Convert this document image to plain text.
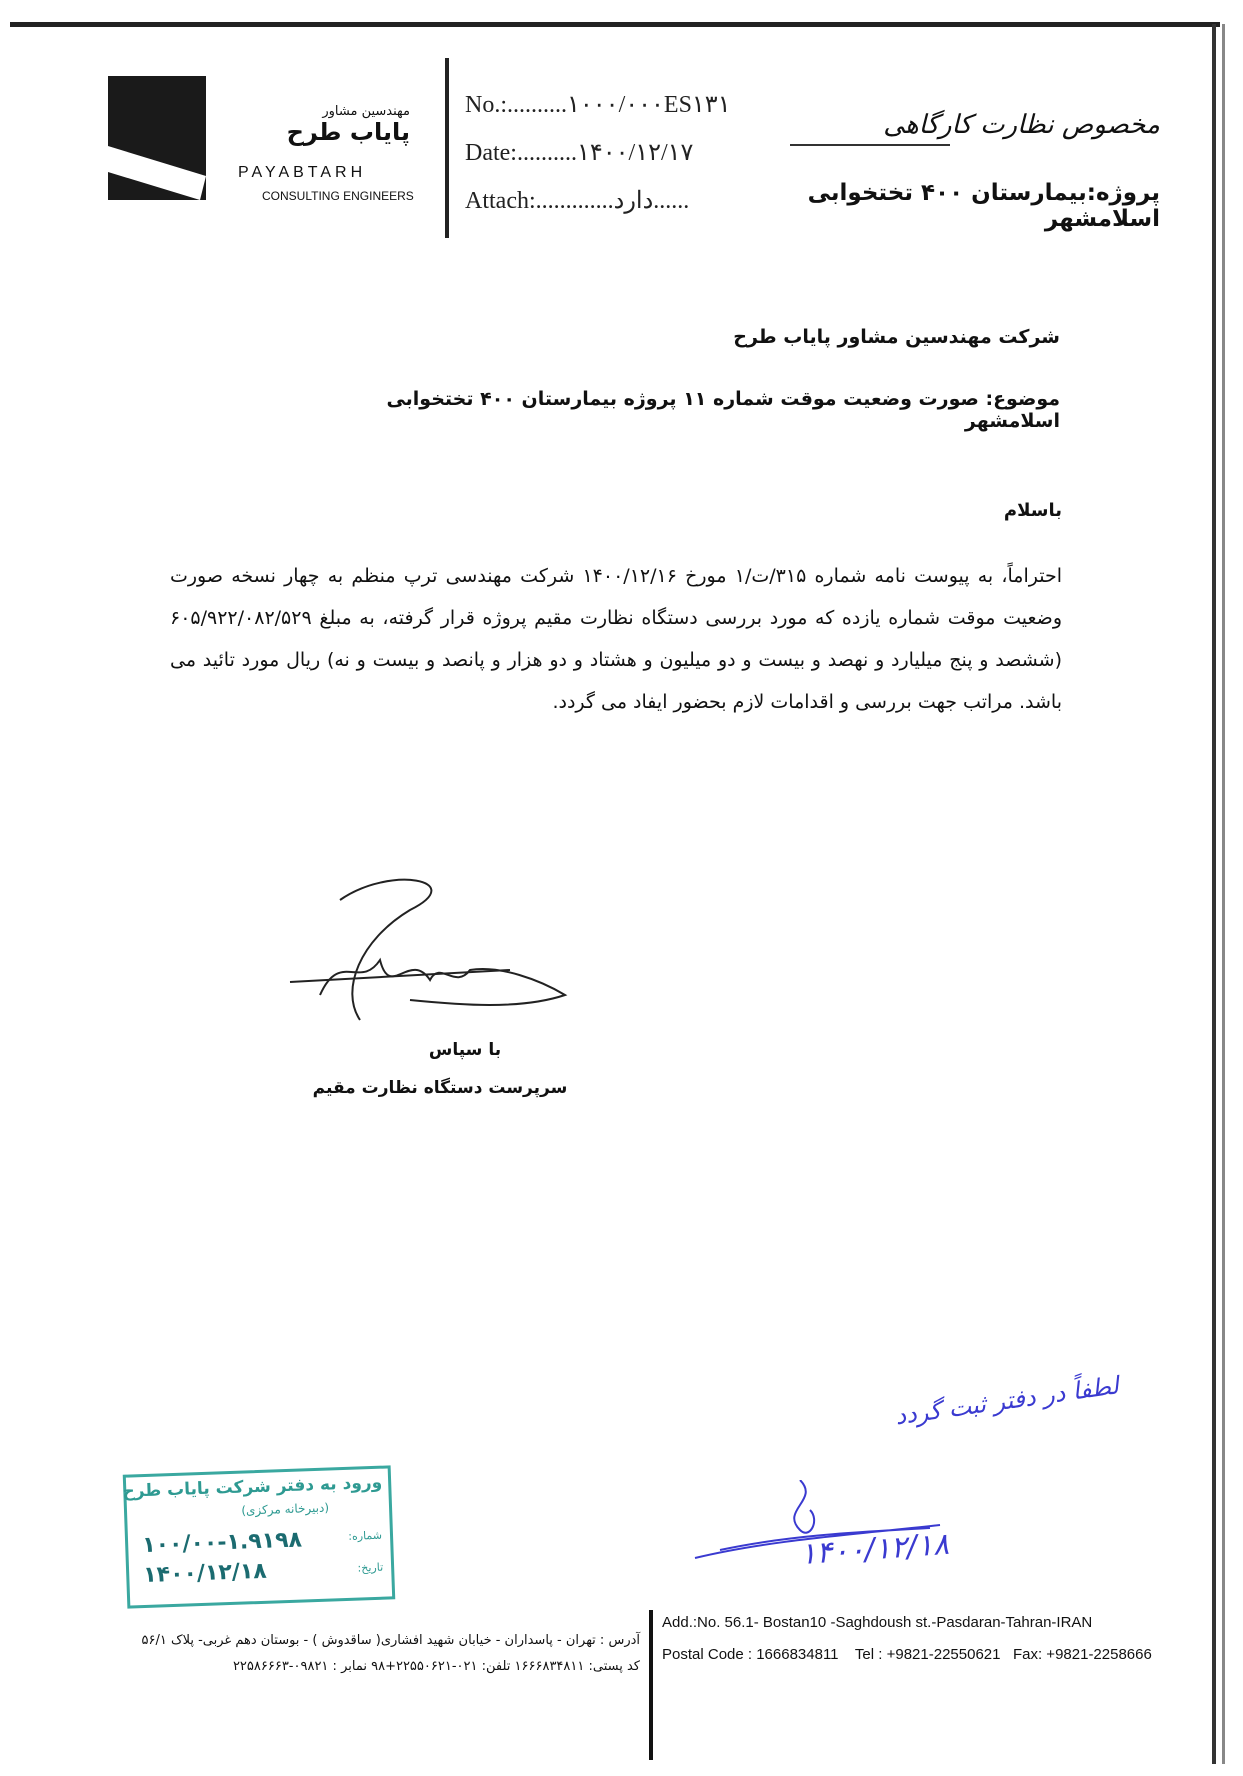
مهندسین مشاور
پایاب طرح
PAYABTARH
CONSULTING ENGINEERS
No.:..........۱۰۰۰/۰۰۰ES۱۳۱
Date:..........۱۴۰۰/۱۲/۱۷
Attach:.............دارد......
مخصوص نظارت کارگاهی
پروژه:بیمارستان ۴۰۰ تختخوابی اسلامشهر
شرکت مهندسین مشاور پایاب طرح
موضوع: صورت وضعیت موقت شماره ۱۱ پروژه بیمارستان ۴۰۰ تختخوابی اسلامشهر
باسلام
احتراماً، به پیوست نامه شماره ۳۱۵/ت/۱ مورخ ۱۴۰۰/۱۲/۱۶ شرکت مهندسی ترپ منظم به چهار نسخه صورت وضعیت موقت شماره یازده که مورد بررسی دستگاه نظارت مقیم پروژه قرار گرفته، به مبلغ ۶۰۵/۹۲۲/۰۸۲/۵۲۹ (ششصد و پنج میلیارد و نهصد و بیست و دو میلیون و هشتاد و دو هزار و پانصد و بیست و نه) ریال مورد تائید می باشد. مراتب جهت بررسی و اقدامات لازم بحضور ایفاد می گردد.
با سپاس
سرپرست دستگاه نظارت مقیم
لطفاً در دفتر ثبت گردد
۱۴۰۰/۱۲/۱۸
ورود به دفتر شرکت پایاب طرح
(دبیرخانه مرکزی)
شماره:
۱۰۰/۰۰-۱.۹۱۹۸
تاریخ:
۱۴۰۰/۱۲/۱۸
آدرس : تهران - پاسداران - خیابان شهید افشاری( ساقدوش ) - بوستان دهم غربی- پلاک ۵۶/۱
کد پستی: ۱۶۶۶۸۳۴۸۱۱ تلفن: ۰۲۱-۲۲۵۵۰۶۲۱+۹۸ نمابر : ۰۹۸۲۱-۲۲۵۸۶۶۶۳
Add.:No. 56.1- Bostan10 -Saghdoush st.-Pasdaran-Tahran-IRAN
Postal Code : 1666834811    Tel : +9821-22550621   Fax: +9821-2258666
